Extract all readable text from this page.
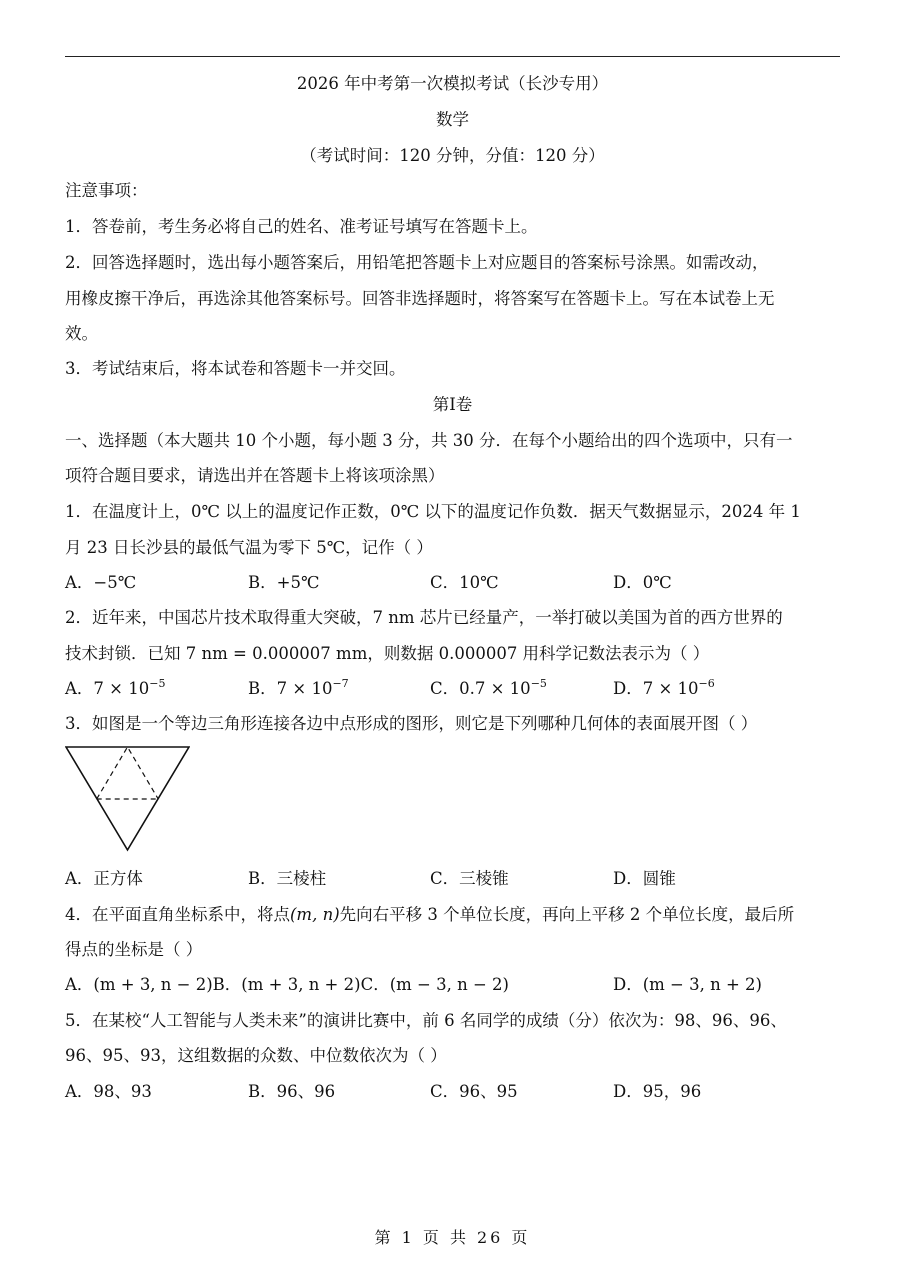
2026 年中考第一次模拟考试（长沙专用）
数学
（考试时间：120 分钟，分值：120 分）
注意事项：
1．答卷前，考生务必将自己的姓名、准考证号填写在答题卡上。
2．回答选择题时，选出每小题答案后，用铅笔把答题卡上对应题目的答案标号涂黑。如需改动，
用橡皮擦干净后，再选涂其他答案标号。回答非选择题时，将答案写在答题卡上。写在本试卷上无
效。
3．考试结束后，将本试卷和答题卡一并交回。
第Ⅰ卷
一、选择题（本大题共 10 个小题，每小题 3 分，共 30 分．在每个小题给出的四个选项中，只有一
项符合题目要求，请选出并在答题卡上将该项涂黑）
1．在温度计上，0℃ 以上的温度记作正数，0℃ 以下的温度记作负数．据天气数据显示，2024 年 1
月 23 日长沙县的最低气温为零下 5℃，记作（ ）
A．−5℃	B．+5℃	C．10℃	D．0℃
2．近年来，中国芯片技术取得重大突破，7 nm 芯片已经量产，一举打破以美国为首的西方世界的
技术封锁．已知 7 nm = 0.000007 mm，则数据 0.000007 用科学记数法表示为（ ）
A．$7 \times 10^{-5}$	B．$7 \times 10^{-7}$	C．$0.7 \times 10^{-5}$	D．$7 \times 10^{-6}$
3．如图是一个等边三角形连接各边中点形成的图形，则它是下列哪种几何体的表面展开图（ ）
A．正方体	B．三棱柱	C．三棱锥	D．圆锥
4．在平面直角坐标系中，将点(m, n)先向右平移 3 个单位长度，再向上平移 2 个单位长度，最后所
得点的坐标是（ ）
A．(m + 3, n − 2)B．(m + 3, n + 2)C．(m − 3, n − 2)	D．(m − 3, n + 2)
5．在某校“人工智能与人类未来”的演讲比赛中，前 6 名同学的成绩（分）依次为：98、96、96、
96、95、93，这组数据的众数、中位数依次为（ ）
A．98、93	B．96、96	C．96、95	D．95，96
第 1 页 共 26 页
